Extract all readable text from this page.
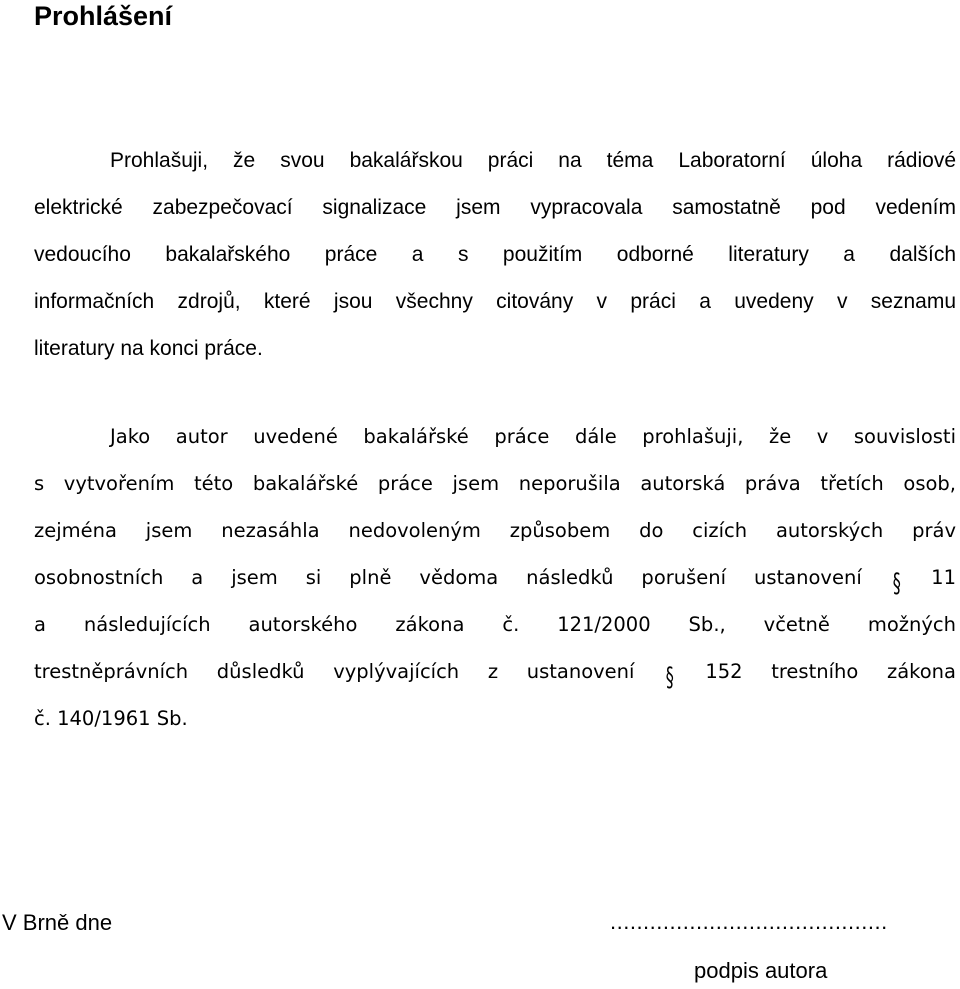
Prohlášení
Prohlašuji, že svou bakalářskou práci na téma Laboratorní úloha rádiové
elektrické zabezpečovací signalizace jsem vypracovala samostatně pod vedením
vedoucího bakalařského práce a s použitím odborné literatury a dalších
informačních zdrojů, které jsou všechny citovány v práci a uvedeny v seznamu
literatury na konci práce.
Jako autor uvedené bakalářské práce dále prohlašuji, že v souvislosti
s vytvořením této bakalářské práce jsem neporušila autorská práva třetích osob,
zejména jsem nezasáhla nedovoleným způsobem do cizích autorských práv
osobnostních a jsem si plně vědoma následků porušení ustanovení § 11
a následujících autorského zákona č. 121/2000 Sb., včetně možných
trestněprávních důsledků vyplývajících z ustanovení § 152 trestního zákona
č. 140/1961 Sb.

V Brně dne	..........................................

podpis autora
